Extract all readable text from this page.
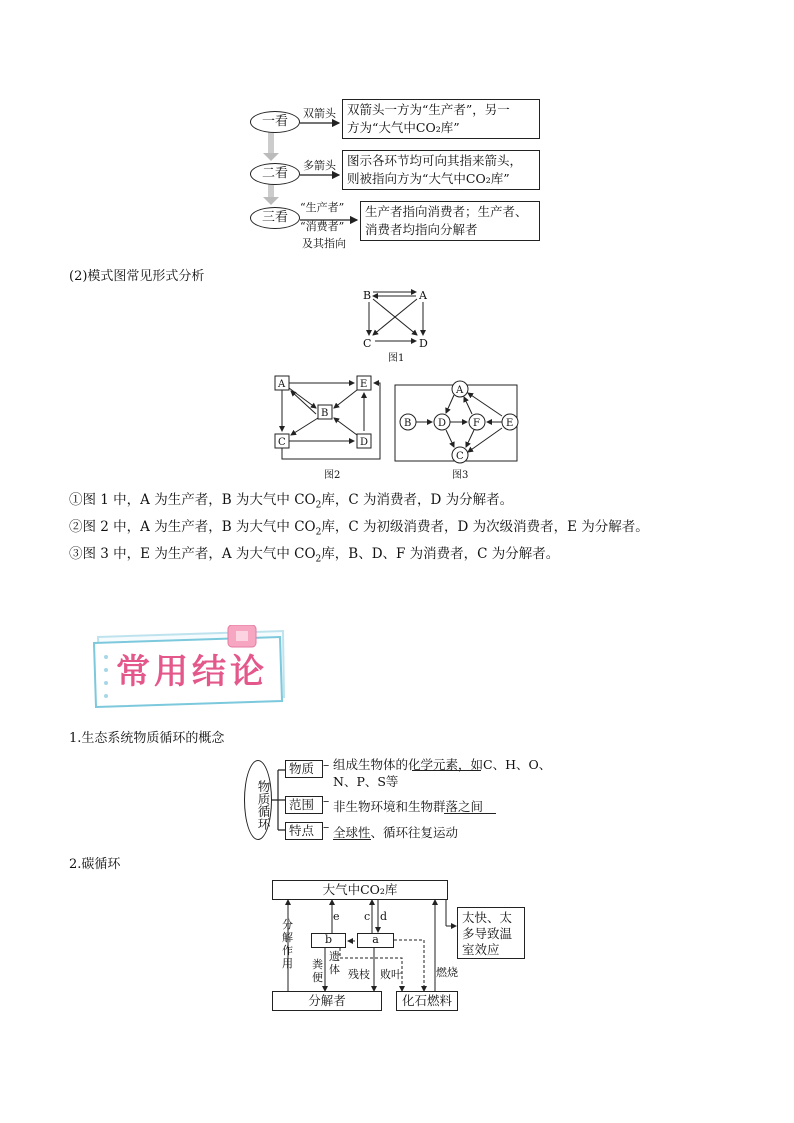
一看
二看
三看
双箭头
多箭头
“生产者”
“消费者”
及其指向
双箭头一方为“生产者”，另一
方为“大气中CO₂库”
图示各环节均可向其指来箭头，
则被指向方为“大气中CO₂库”
生产者指向消费者；生产者、
消费者均指向分解者
(2)模式图常见形式分析
B	A
C	D
图1
A	E
B
C	D
图2
A
B	D	F	E
C
图3
①图 1 中，A 为生产者，B 为大气中 $CO_2$库，C 为消费者，D 为分解者。
②图 2 中，A 为生产者，B 为大气中 $CO_2$库，C 为初级消费者，D 为次级消费者，E 为分解者。
③图 3 中，E 为生产者，A 为大气中 $CO_2$库，B、D、F 为消费者，C 为分解者。
常用结论
1.生态系统物质循环的概念
物质循环
物质
范围
特点
–
–
–
组成生物体的化学元素，如C、H、O、
N、P、S等
非生物环境和生物群落之间
全球性、循环往复运动
2.碳循环
大气中CO₂库
分解者	化石燃料
b	a
太快、太多导致温室效应
e c d
分解作用 粪便
遗体 残枝 败叶	燃烧
